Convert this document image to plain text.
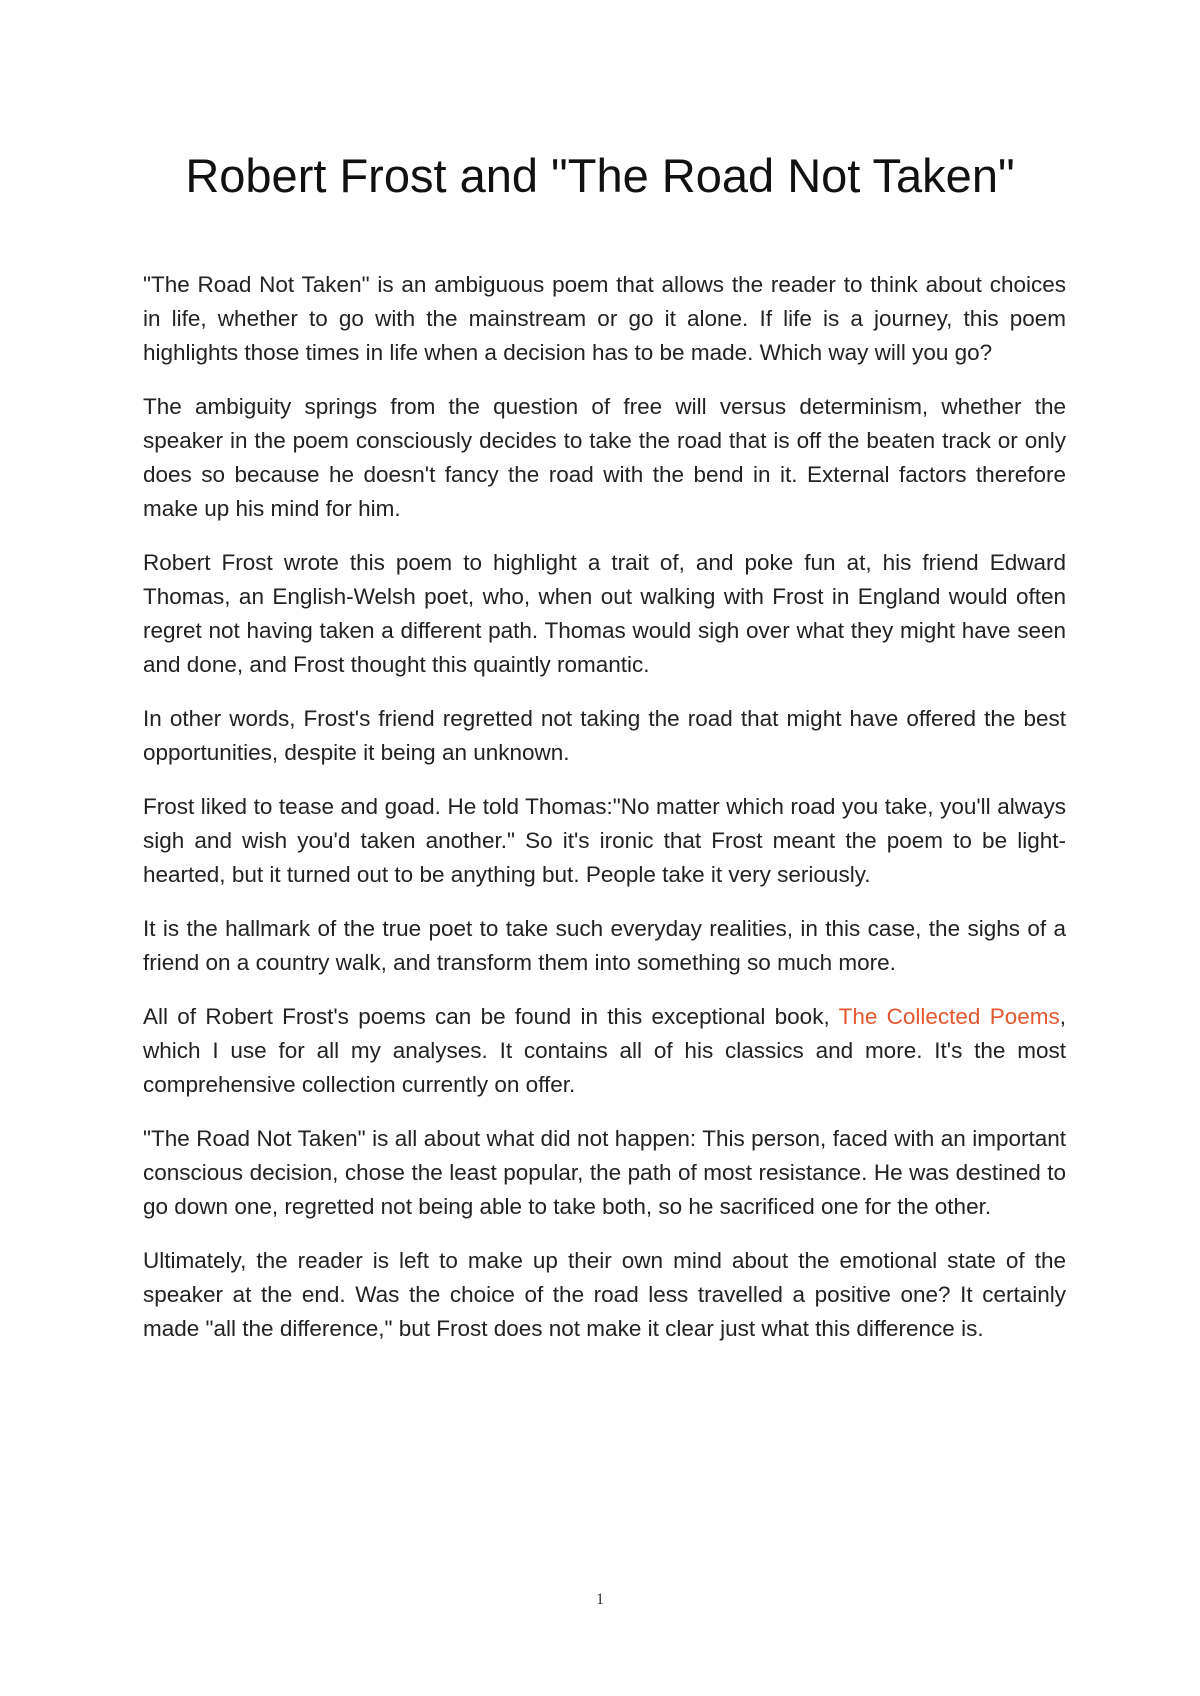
Robert Frost and "The Road Not Taken"

"The Road Not Taken" is an ambiguous poem that allows the reader to think about choices in life, whether to go with the mainstream or go it alone. If life is a journey, this poem highlights those times in life when a decision has to be made. Which way will you go?

The ambiguity springs from the question of free will versus determinism, whether the speaker in the poem consciously decides to take the road that is off the beaten track or only does so because he doesn't fancy the road with the bend in it. External factors therefore make up his mind for him.

Robert Frost wrote this poem to highlight a trait of, and poke fun at, his friend Edward Thomas, an English-Welsh poet, who, when out walking with Frost in England would often regret not having taken a different path. Thomas would sigh over what they might have seen and done, and Frost thought this quaintly romantic.

In other words, Frost's friend regretted not taking the road that might have offered the best opportunities, despite it being an unknown.

Frost liked to tease and goad. He told Thomas:"No matter which road you take, you'll always sigh and wish you'd taken another." So it's ironic that Frost meant the poem to be light-hearted, but it turned out to be anything but. People take it very seriously.

It is the hallmark of the true poet to take such everyday realities, in this case, the sighs of a friend on a country walk, and transform them into something so much more.

All of Robert Frost's poems can be found in this exceptional book, The Collected Poems, which I use for all my analyses. It contains all of his classics and more. It's the most comprehensive collection currently on offer.

"The Road Not Taken" is all about what did not happen: This person, faced with an important conscious decision, chose the least popular, the path of most resistance. He was destined to go down one, regretted not being able to take both, so he sacrificed one for the other.

Ultimately, the reader is left to make up their own mind about the emotional state of the speaker at the end. Was the choice of the road less travelled a positive one? It certainly made "all the difference," but Frost does not make it clear just what this difference is.

1
